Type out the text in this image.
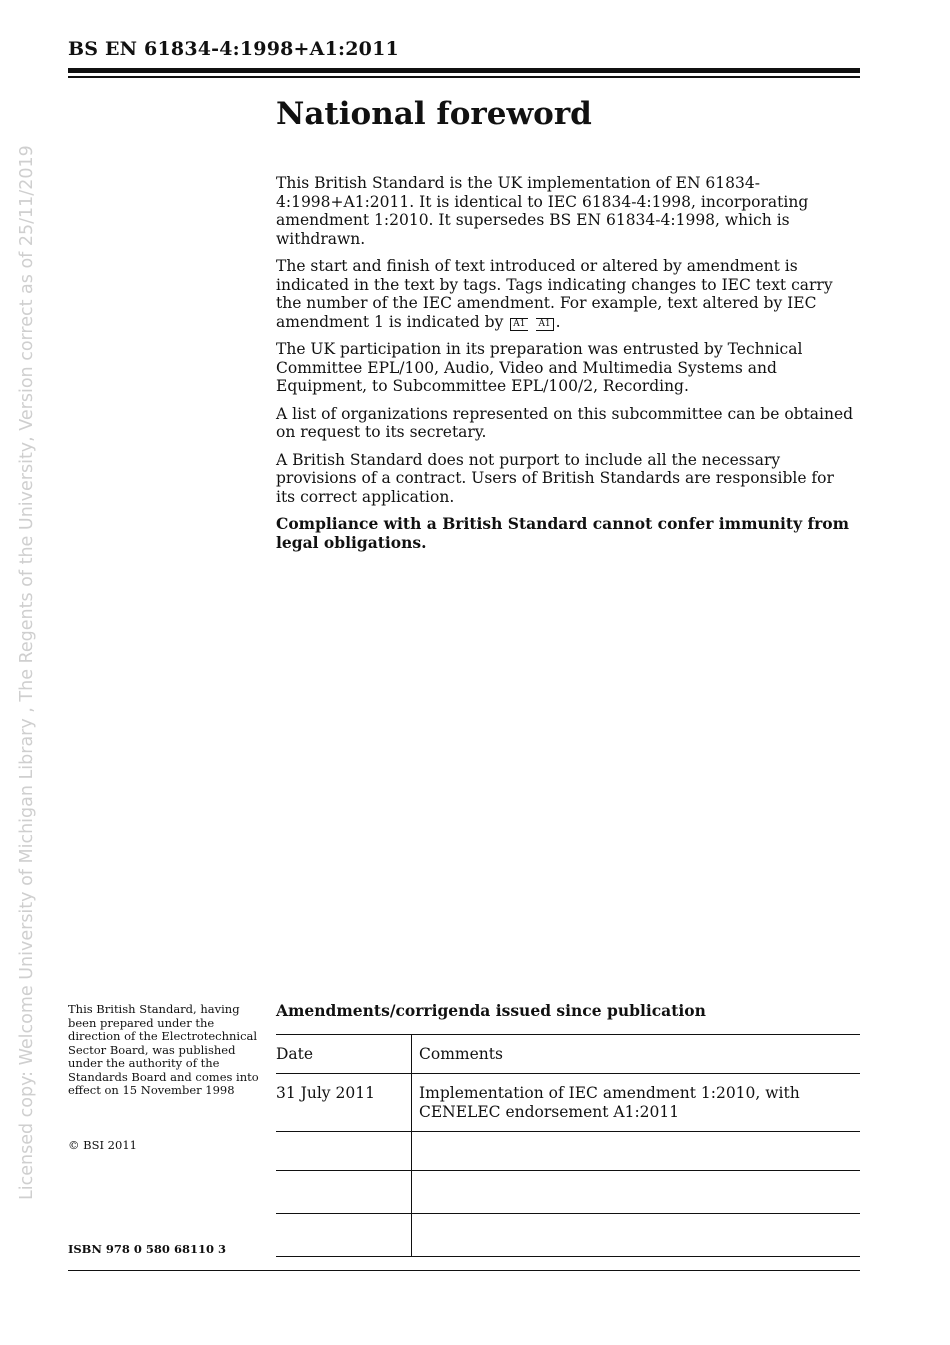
BS EN 61834-4:1998+A1:2011
National foreword

This British Standard is the UK implementation of EN 61834-4:1998+A1:2011. It is identical to IEC 61834-4:1998, incorporating amendment 1:2010. It supersedes BS EN 61834-4:1998, which is withdrawn.

The start and finish of text introduced or altered by amendment is indicated in the text by tags. Tags indicating changes to IEC text carry the number of the IEC amendment. For example, text altered by IEC amendment 1 is indicated by A1 A1 .

The UK participation in its preparation was entrusted by Technical Committee EPL/100, Audio, Video and Multimedia Systems and Equipment, to Subcommittee EPL/100/2, Recording.

A list of organizations represented on this subcommittee can be obtained on request to its secretary.

A British Standard does not purport to include all the necessary provisions of a contract. Users of British Standards are responsible for its correct application.

Compliance with a British Standard cannot confer immunity from legal obligations.

Licensed copy: Welcome University of Michigan Library , The Regents of the University, Version correct as of 25/11/2019	This British Standard, having been prepared under the direction of the Electrotechnical Sector Board, was published under the authority of the Standards Board and comes into effect on 15 November 1998
© BSI 2011
ISBN 978 0 580 68110 3
Amendments/corrigenda issued since publication
Date	Comments
31 July 2011	Implementation of IEC amendment 1:2010, with CENELEC endorsement A1:2011
